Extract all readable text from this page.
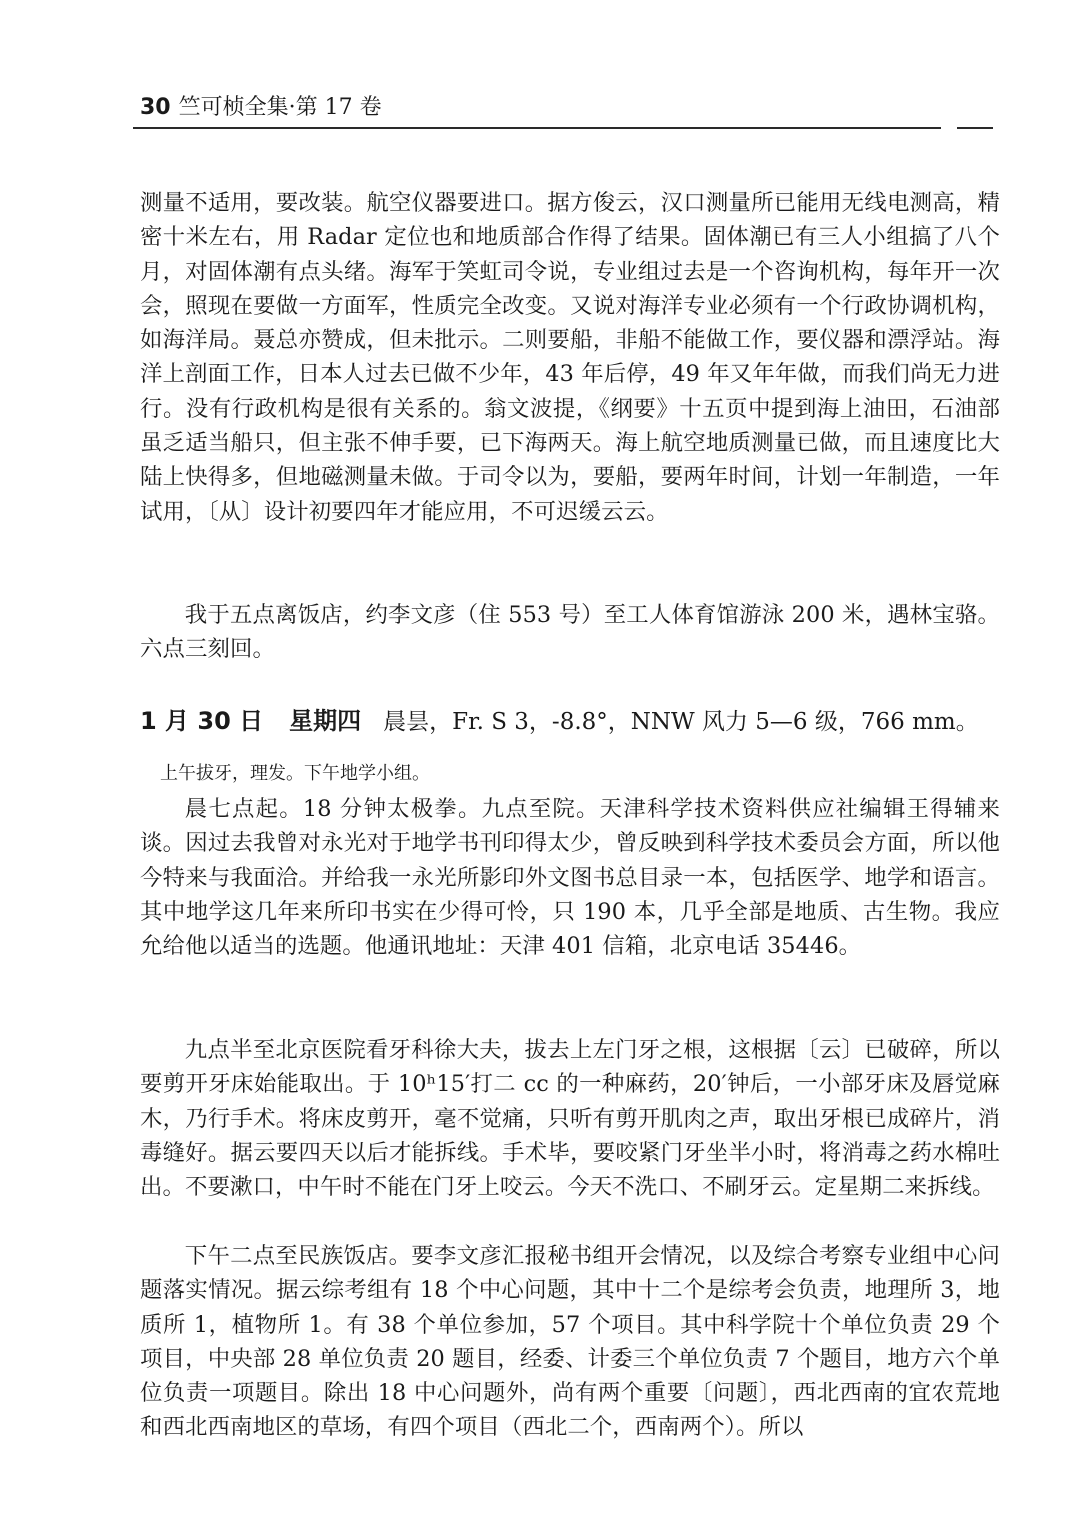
30 竺可桢全集·第 17 卷

测量不适用，要改装。航空仪器要进口。据方俊云，汉口测量所已能用无线电测高，精密十米左右，用 Radar 定位也和地质部合作得了结果。固体潮已有三人小组搞了八个月，对固体潮有点头绪。海军于笑虹司令说，专业组过去是一个咨询机构，每年开一次会，照现在要做一方面军，性质完全改变。又说对海洋专业必须有一个行政协调机构，如海洋局。聂总亦赞成，但未批示。二则要船，非船不能做工作，要仪器和漂浮站。海洋上剖面工作，日本人过去已做不少年，43 年后停，49 年又年年做，而我们尚无力进行。没有行政机构是很有关系的。翁文波提，《纲要》十五页中提到海上油田，石油部虽乏适当船只，但主张不伸手要，已下海两天。海上航空地质测量已做，而且速度比大陆上快得多，但地磁测量未做。于司令以为，要船，要两年时间，计划一年制造，一年试用，〔从〕设计初要四年才能应用，不可迟缓云云。

我于五点离饭店，约李文彦（住 553 号）至工人体育馆游泳 200 米，遇林宝骆。六点三刻回。

1 月 30 日 星期四 晨昙，Fr. S 3，-8.8°，NNW 风力 5—6 级，766 mm。

上午拔牙，理发。下午地学小组。

晨七点起。18 分钟太极拳。九点至院。天津科学技术资料供应社编辑王得辅来谈。因过去我曾对永光对于地学书刊印得太少，曾反映到科学技术委员会方面，所以他今特来与我面洽。并给我一永光所影印外文图书总目录一本，包括医学、地学和语言。其中地学这几年来所印书实在少得可怜，只 190 本，几乎全部是地质、古生物。我应允给他以适当的选题。他通讯地址：天津 401 信箱，北京电话 35446。

九点半至北京医院看牙科徐大夫，拔去上左门牙之根，这根据〔云〕已破碎，所以要剪开牙床始能取出。于 10ʰ15′打二 cc 的一种麻药，20′钟后，一小部牙床及唇觉麻木，乃行手术。将床皮剪开，毫不觉痛，只听有剪开肌肉之声，取出牙根已成碎片，消毒缝好。据云要四天以后才能拆线。手术毕，要咬紧门牙坐半小时，将消毒之药水棉吐出。不要漱口，中午时不能在门牙上咬云。今天不洗口、不刷牙云。定星期二来拆线。

下午二点至民族饭店。要李文彦汇报秘书组开会情况，以及综合考察专业组中心问题落实情况。据云综考组有 18 个中心问题，其中十二个是综考会负责，地理所 3，地质所 1，植物所 1。有 38 个单位参加，57 个项目。其中科学院十个单位负责 29 个项目，中央部 28 单位负责 20 题目，经委、计委三个单位负责 7 个题目，地方六个单位负责一项题目。除出 18 中心问题外，尚有两个重要〔问题〕，西北西南的宜农荒地和西北西南地区的草场，有四个项目（西北二个，西南两个）。所以
